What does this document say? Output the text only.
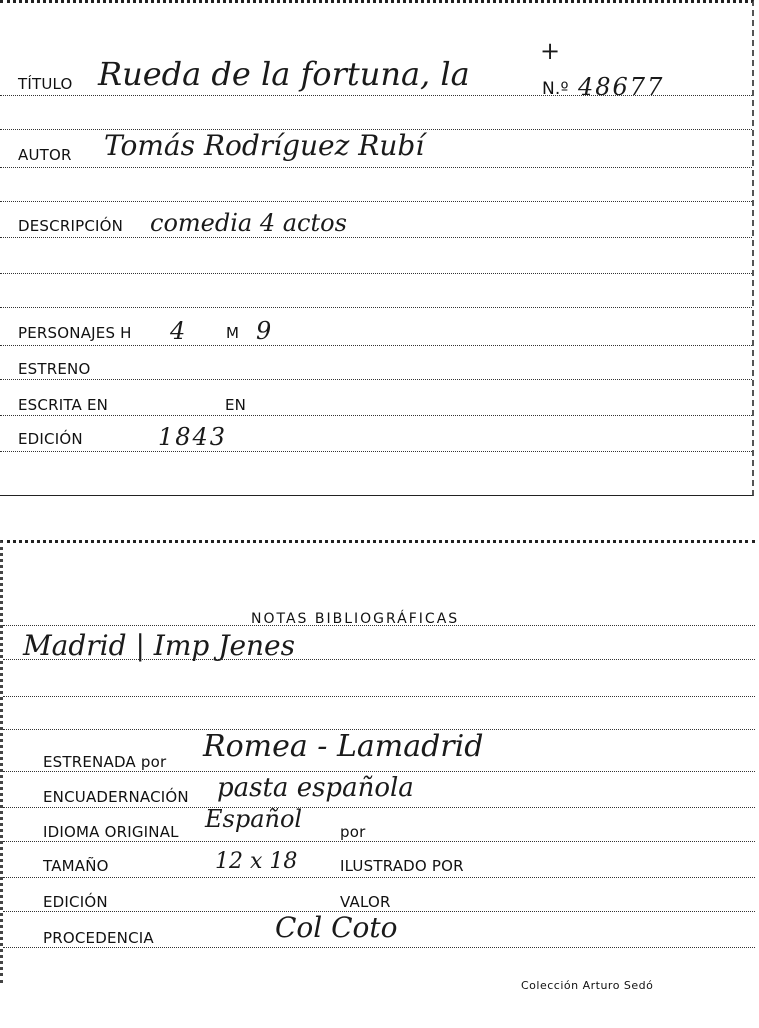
TÍTULO Rueda de la fortuna, la
+
N.º 48677
AUTOR Tomás Rodríguez Rubí
DESCRIPCIÓN comedia 4 actos
PERSONAJES H 4	M 9
ESTRENO
ESCRITA EN	EN
EDICIÓN	1843
NOTAS BIBLIOGRÁFICAS
Madrid | Imp Jenes
ESTRENADA por Romea - Lamadrid
ENCUADERNACIÓN pasta española
IDIOMA ORIGINAL Español	por
TAMAÑO	12 x 18	ILUSTRADO POR
EDICIÓN	VALOR
PROCEDENCIA	Col Coto
Colección Arturo Sedó
